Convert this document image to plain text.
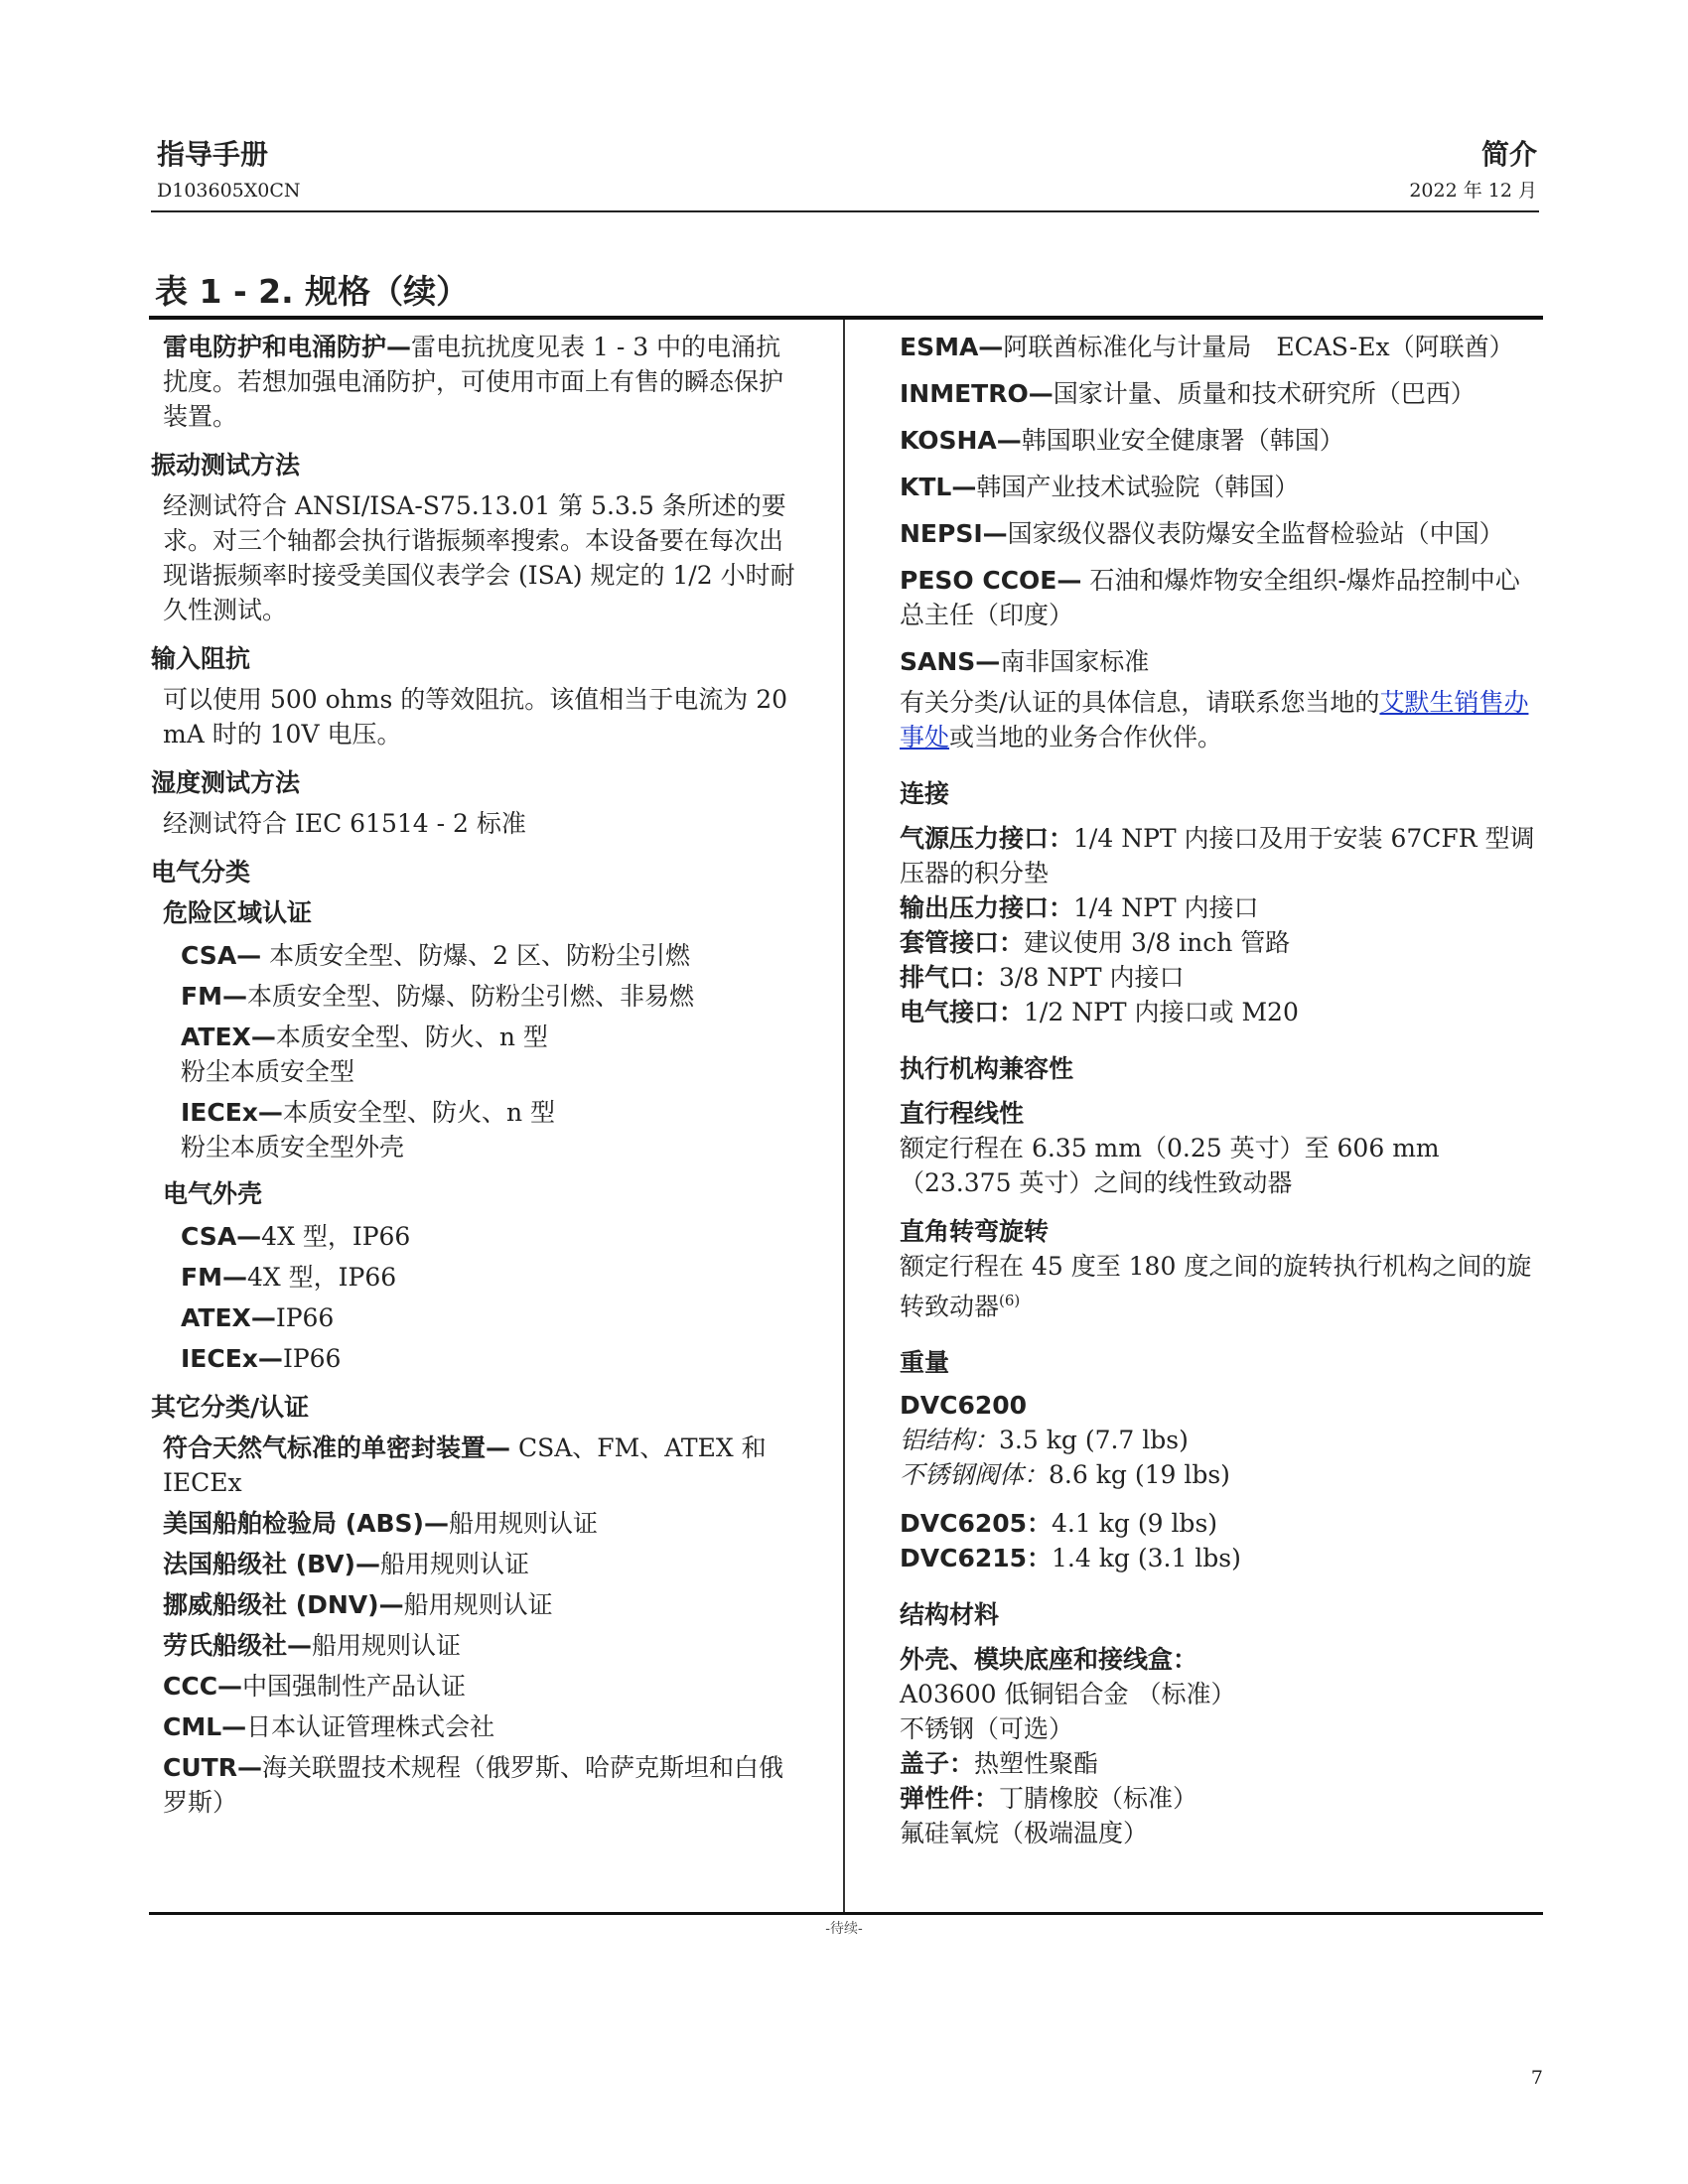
指导手册
D103605X0CN
简介
2022 年 12 月
表 1 - 2. 规格（续）
雷电防护和电涌防护—雷电抗扰度见表 1 - 3 中的电涌抗扰度。若想加强电涌防护，可使用市面上有售的瞬态保护装置。
振动测试方法
经测试符合 ANSI/ISA-S75.13.01 第 5.3.5 条所述的要求。对三个轴都会执行谐振频率搜索。本设备要在每次出现谐振频率时接受美国仪表学会 (ISA) 规定的 1/2 小时耐久性测试。
输入阻抗
可以使用 500 ohms 的等效阻抗。该值相当于电流为 20 mA 时的 10V 电压。
湿度测试方法
经测试符合 IEC 61514 - 2 标准
电气分类
危险区域认证
CSA— 本质安全型、防爆、2 区、防粉尘引燃
FM—本质安全型、防爆、防粉尘引燃、非易燃
ATEX—本质安全型、防火、n 型
粉尘本质安全型
IECEx—本质安全型、防火、n 型
粉尘本质安全型外壳
电气外壳
CSA—4X 型，IP66
FM—4X 型，IP66
ATEX—IP66
IECEx—IP66
其它分类/认证
符合天然气标准的单密封装置— CSA、FM、ATEX 和 IECEx
美国船舶检验局 (ABS)—船用规则认证
法国船级社 (BV)—船用规则认证
挪威船级社 (DNV)—船用规则认证
劳氏船级社—船用规则认证
CCC—中国强制性产品认证
CML—日本认证管理株式会社
CUTR—海关联盟技术规程（俄罗斯、哈萨克斯坦和白俄罗斯）
ESMA—阿联酋标准化与计量局　ECAS-Ex（阿联酋）
INMETRO—国家计量、质量和技术研究所（巴西）
KOSHA—韩国职业安全健康署（韩国）
KTL—韩国产业技术试验院（韩国）
NEPSI—国家级仪器仪表防爆安全监督检验站（中国）
PESO CCOE— 石油和爆炸物安全组织-爆炸品控制中心总主任（印度）
SANS—南非国家标准
有关分类/认证的具体信息，请联系您当地的艾默生销售办事处或当地的业务合作伙伴。
连接
气源压力接口：1/4 NPT 内接口及用于安装 67CFR 型调压器的积分垫
输出压力接口：1/4 NPT 内接口
套管接口：建议使用 3/8 inch 管路
排气口：3/8 NPT 内接口
电气接口：1/2 NPT 内接口或 M20
执行机构兼容性
直行程线性
额定行程在 6.35 mm（0.25 英寸）至 606 mm（23.375 英寸）之间的线性致动器
直角转弯旋转
额定行程在 45 度至 180 度之间的旋转执行机构之间的旋转致动器$^{(6)}$
重量
DVC6200
铝结构：3.5 kg (7.7 lbs)
不锈钢阀体：8.6 kg (19 lbs)
DVC6205：4.1 kg (9 lbs)
DVC6215：1.4 kg (3.1 lbs)
结构材料
外壳、模块底座和接线盒：
A03600 低铜铝合金 （标准）
不锈钢（可选）
盖子：热塑性聚酯
弹性件：丁腈橡胶（标准）
氟硅氧烷（极端温度）
-待续-
7
